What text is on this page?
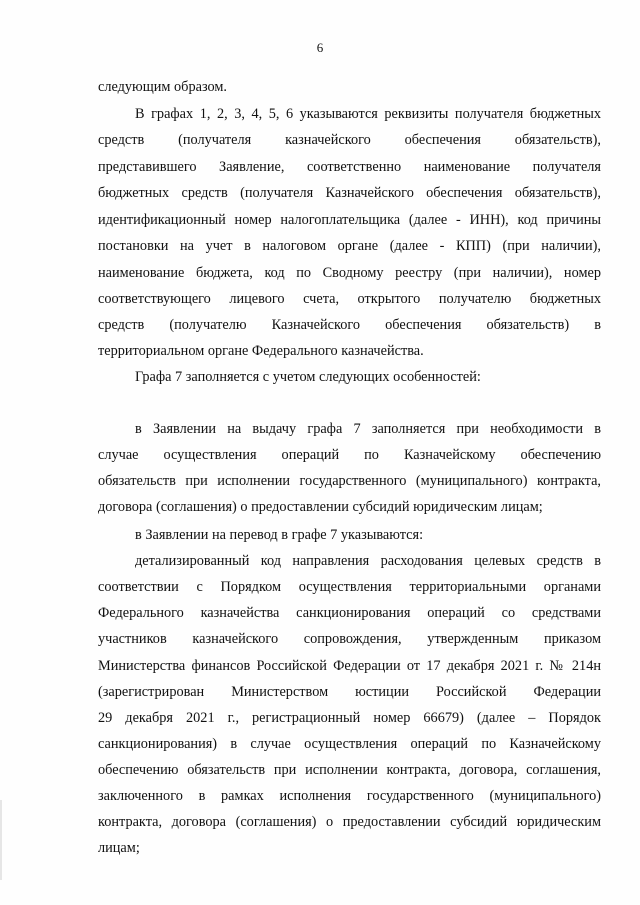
6
следующим образом.
В графах 1, 2, 3, 4, 5, 6 указываются реквизиты получателя бюджетных
средств (получателя казначейского обеспечения обязательств),
представившего Заявление, соответственно наименование получателя
бюджетных средств (получателя Казначейского обеспечения обязательств),
идентификационный номер налогоплательщика (далее - ИНН), код причины
постановки на учет в налоговом органе (далее - КПП) (при наличии),
наименование бюджета, код по Сводному реестру (при наличии), номер
соответствующего лицевого счета, открытого получателю бюджетных
средств (получателю Казначейского обеспечения обязательств) в
территориальном органе Федерального казначейства.
Графа 7 заполняется с учетом следующих особенностей:
в Заявлении на выдачу графа 7 заполняется при необходимости в
случае осуществления операций по Казначейскому обеспечению
обязательств при исполнении государственного (муниципального) контракта,
договора (соглашения) о предоставлении субсидий юридическим лицам;
в Заявлении на перевод в графе 7 указываются:
детализированный код направления расходования целевых средств в
соответствии с Порядком осуществления территориальными органами
Федерального казначейства санкционирования операций со средствами
участников казначейского сопровождения, утвержденным приказом
Министерства финансов Российской Федерации от 17 декабря 2021 г. № 214н
(зарегистрирован Министерством юстиции Российской Федерации
29 декабря 2021 г., регистрационный номер 66679) (далее – Порядок
санкционирования) в случае осуществления операций по Казначейскому
обеспечению обязательств при исполнении контракта, договора, соглашения,
заключенного в рамках исполнения государственного (муниципального)
контракта, договора (соглашения) о предоставлении субсидий юридическим
лицам;
